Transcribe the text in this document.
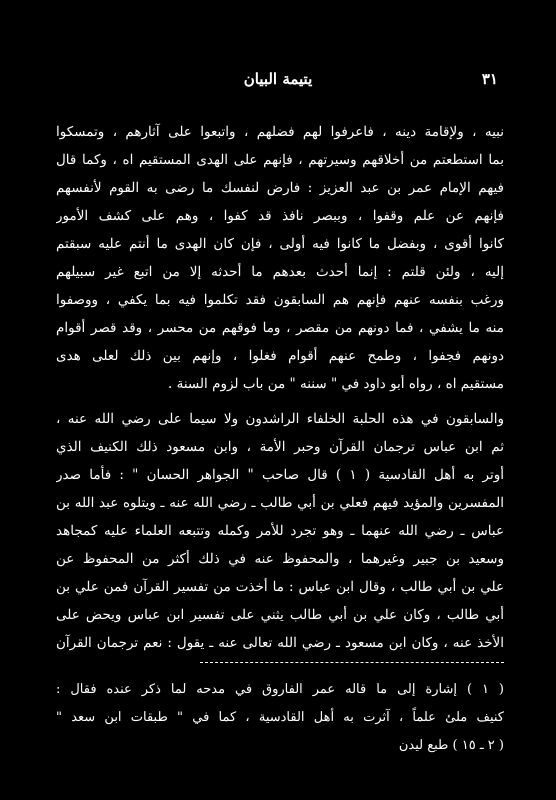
٣١
يتيمة البيان
نبيه ، ولإقامة دينه ، فاعرفوا لهم فضلهم ، واتبعوا على آثارهم ، وتمسكوا
بما استطعتم من أخلاقهم وسيرتهم ، فإنهم على الهدى المستقيم اه ، وكما قال
فيهم الإمام عمر بن عبد العزيز : فارض لنفسك ما رضى به القوم لأنفسهم
فإنهم عن علم وقفوا ، وببصر نافذ قد كفوا ، وهم على كشف الأمور
كانوا أقوى ، وبفضل ما كانوا فيه أولى ، فإن كان الهدى ما أنتم عليه سبقتم
إليه ، ولئن قلتم : إنما أحدث بعدهم ما أحدثه إلا من اتبع غير سبيلهم
ورغب بنفسه عنهم فإنهم هم السابقون فقد تكلموا فيه بما يكفي ، ووصفوا
منه ما يشفي ، فما دونهم من مقصر ، وما فوقهم من محسر ، وقد قصر أقوام
دونهم فجفوا ، وطمح عنهم أقوام فغلوا ، وإنهم بين ذلك لعلى هدى
مستقيم اه ، رواه أبو داود في " سننه " من باب لزوم السنة .
والسابقون في هذه الحلبة الخلفاء الراشدون ولا سيما على رضي الله عنه ،
ثم ابن عباس ترجمان القرآن وحبر الأمة ، وابن مسعود ذلك الكنيف الذي
أوتر به أهل القادسية ( ١ ) قال صاحب " الجواهر الحسان " : فأما صدر
المفسرين والمؤيد فيهم فعلي بن أبي طالب ـ رضي الله عنه ـ ويتلوه عبد الله بن
عباس ـ رضي الله عنهما ـ وهو تجرد للأمر وكمله وتتبعه العلماء عليه كمجاهد
وسعيد بن جبير وغيرهما ، والمحفوظ عنه في ذلك أكثر من المحفوظ عن
علي بن أبي طالب ، وقال ابن عباس : ما أخذت من تفسير القرآن فمن علي بن
أبي طالب ، وكان علي بن أبي طالب يثني على تفسير ابن عباس ويحض على
الأخذ عنه ، وكان ابن مسعود ـ رضي الله تعالى عنه ـ يقول : نعم ترجمان القرآن
( ١ ) إشارة إلى ما قاله عمر الفاروق في مدحه لما ذكر عنده فقال :
كنيف ملئ علماً ، آثرت به أهل القادسية ، كما في " طبقات ابن سعد "
( ٢ ـ ١٥ ) طبع ليدن
